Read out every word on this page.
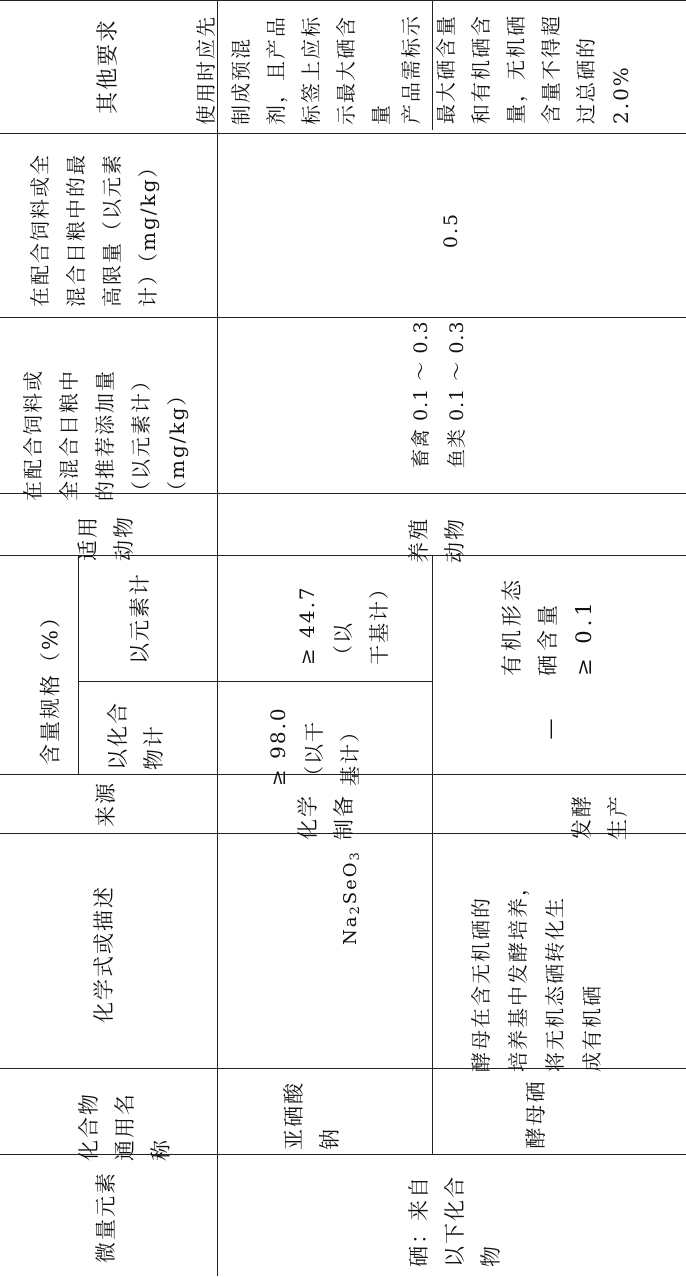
其他要求
在配合饲料或全
混合日粮中的最
高限量（以元素
计）（mg/kg）
在配合饲料或
全混合日粮中
的推荐添加量
（以元素计）
（mg/kg）
适用
动物
含量规格（%）	以元素计
以化合
物计
来源
化学式或描述
化合物
通用名
称
微量元素
使用时应先
制成预混
剂，且产品
标签上应标
示最大硒含
量
≥ 44.7（以
干基计）
≥ 98.0
（以干
基计）
化学
制备

$Na_2SeO_3$

亚硒酸
钠
养殖
动物
畜禽 0.1 ～ 0.3
鱼类 0.1 ～ 0.3
0.5
产品需标示
最大硒含量
和有机硒含
量，无机硒
含量不得超
过总硒的
2.0%
有机形态
硒含量
≥ 0.1
—
发酵
生产
酵母在含无机硒的
培养基中发酵培养，
将无机态硒转化生
成有机硒
酵母硒
硒：来自
以下化合
物
